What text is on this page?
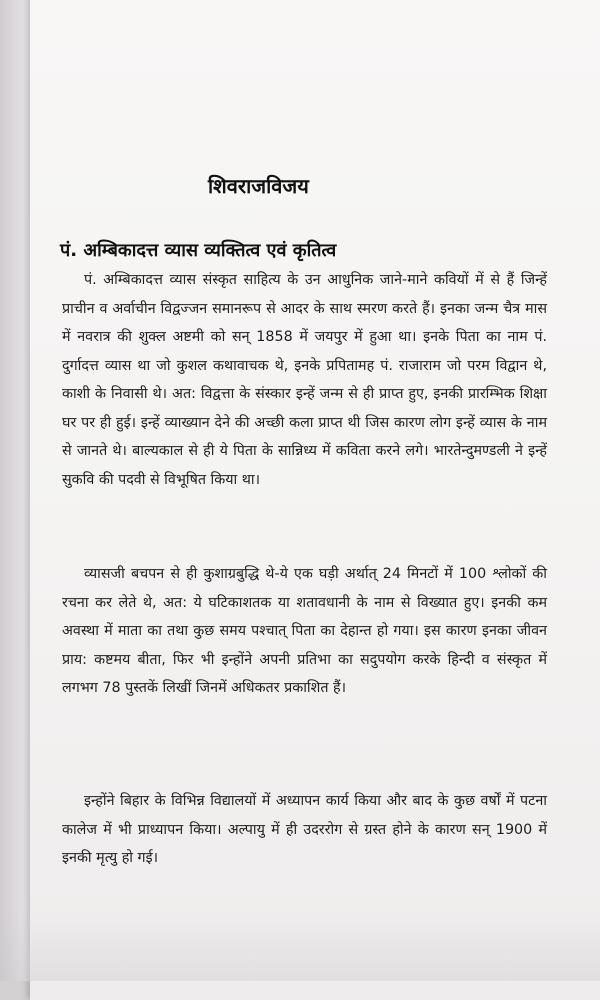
शिवराजविजय
पं. अम्बिकादत्त व्यास व्यक्तित्व एवं कृतित्व
पं. अम्बिकादत्त व्यास संस्कृत साहित्य के उन आधुनिक जाने-माने कवियों में से हैं जिन्हें प्राचीन व अर्वाचीन विद्वज्जन समानरूप से आदर के साथ स्मरण करते हैं। इनका जन्म चैत्र मास में नवरात्र की शुक्ल अष्टमी को सन् 1858 में जयपुर में हुआ था। इनके पिता का नाम पं. दुर्गादत्त व्यास था जो कुशल कथावाचक थे, इनके प्रपितामह पं. राजाराम जो परम विद्वान थे, काशी के निवासी थे। अत: विद्वत्ता के संस्कार इन्हें जन्म से ही प्राप्त हुए, इनकी प्रारम्भिक शिक्षा घर पर ही हुई। इन्हें व्याख्यान देने की अच्छी कला प्राप्त थी जिस कारण लोग इन्हें व्यास के नाम से जानते थे। बाल्यकाल से ही ये पिता के सान्निध्य में कविता करने लगे। भारतेन्दुमण्डली ने इन्हें सुकवि की पदवी से विभूषित किया था।
व्यासजी बचपन से ही कुशाग्रबुद्धि थे-ये एक घड़ी अर्थात् 24 मिनटों में 100 श्लोकों की रचना कर लेते थे, अत: ये घटिकाशतक या शतावधानी के नाम से विख्यात हुए। इनकी कम अवस्था में माता का तथा कुछ समय पश्चात् पिता का देहान्त हो गया। इस कारण इनका जीवन प्राय: कष्टमय बीता, फिर भी इन्होंने अपनी प्रतिभा का सदुपयोग करके हिन्दी व संस्कृत में लगभग 78 पुस्तकें लिखीं जिनमें अधिकतर प्रकाशित हैं।
इन्होंने बिहार के विभिन्न विद्यालयों में अध्यापन कार्य किया और बाद के कुछ वर्षों में पटना कालेज में भी प्राध्यापन किया। अल्पायु में ही उदररोग से ग्रस्त होने के कारण सन् 1900 में इनकी मृत्यु हो गई।
